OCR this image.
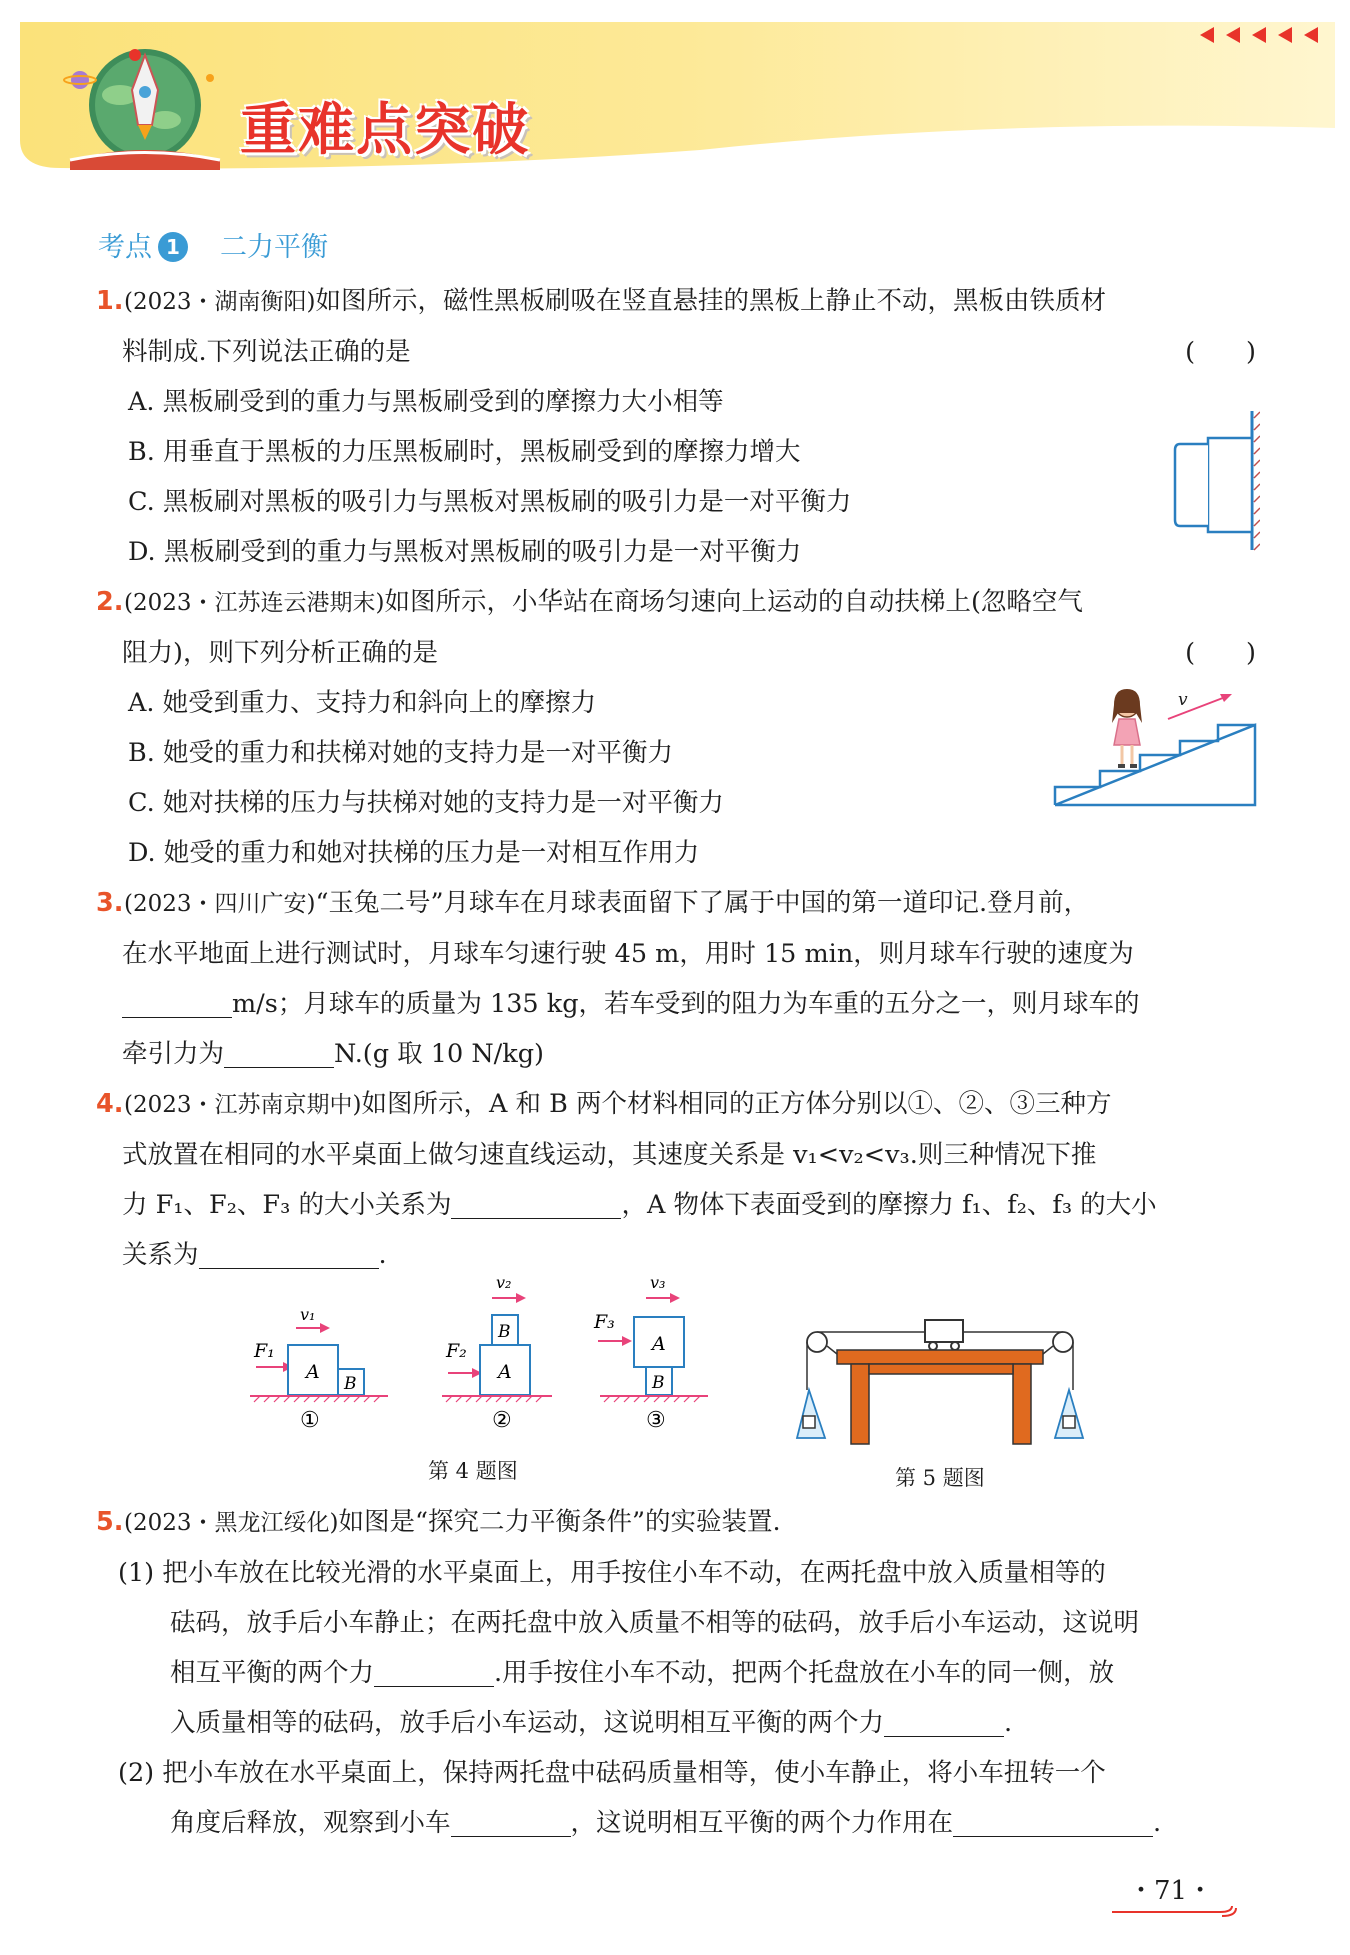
重难点突破
考点 1 二力平衡
1. (2023・湖南衡阳)如图所示，磁性黑板刷吸在竖直悬挂的黑板上静止不动，黑板由铁质材
料制成.下列说法正确的是	(　　)
A. 黑板刷受到的重力与黑板刷受到的摩擦力大小相等
B. 用垂直于黑板的力压黑板刷时，黑板刷受到的摩擦力增大
C. 黑板刷对黑板的吸引力与黑板对黑板刷的吸引力是一对平衡力
D. 黑板刷受到的重力与黑板对黑板刷的吸引力是一对平衡力
2. (2023・江苏连云港期末)如图所示，小华站在商场匀速向上运动的自动扶梯上(忽略空气
阻力)，则下列分析正确的是	(　　)
A. 她受到重力、支持力和斜向上的摩擦力
B. 她受的重力和扶梯对她的支持力是一对平衡力
C. 她对扶梯的压力与扶梯对她的支持力是一对平衡力
D. 她受的重力和她对扶梯的压力是一对相互作用力
3. (2023・四川广安)“玉兔二号”月球车在月球表面留下了属于中国的第一道印记.登月前，
在水平地面上进行测试时，月球车匀速行驶 45 m，用时 15 min，则月球车行驶的速度为
m/s；月球车的质量为 135 kg，若车受到的阻力为车重的五分之一，则月球车的
牵引力为	N.(g 取 10 N/kg)
4. (2023・江苏南京期中)如图所示，A 和 B 两个材料相同的正方体分别以①、②、③三种方
式放置在相同的水平桌面上做匀速直线运动，其速度关系是 v₁<v₂<v₃.则三种情况下推
力 F₁、F₂、F₃ 的大小关系为	，A 物体下表面受到的摩擦力 f₁、f₂、f₃ 的大小
关系为	.
v
F₁
A
B
v₁
①
F₂
A
B
v₂
②
F₃
A
B
v₃
③
第 4 题图	第 5 题图
5. (2023・黑龙江绥化)如图是“探究二力平衡条件”的实验装置.
(1) 把小车放在比较光滑的水平桌面上，用手按住小车不动，在两托盘中放入质量相等的
砝码，放手后小车静止；在两托盘中放入质量不相等的砝码，放手后小车运动，这说明
相互平衡的两个力	.用手按住小车不动，把两个托盘放在小车的同一侧，放
入质量相等的砝码，放手后小车运动，这说明相互平衡的两个力	.
(2) 把小车放在水平桌面上，保持两托盘中砝码质量相等，使小车静止，将小车扭转一个
角度后释放，观察到小车	，这说明相互平衡的两个力作用在	.
・71・
